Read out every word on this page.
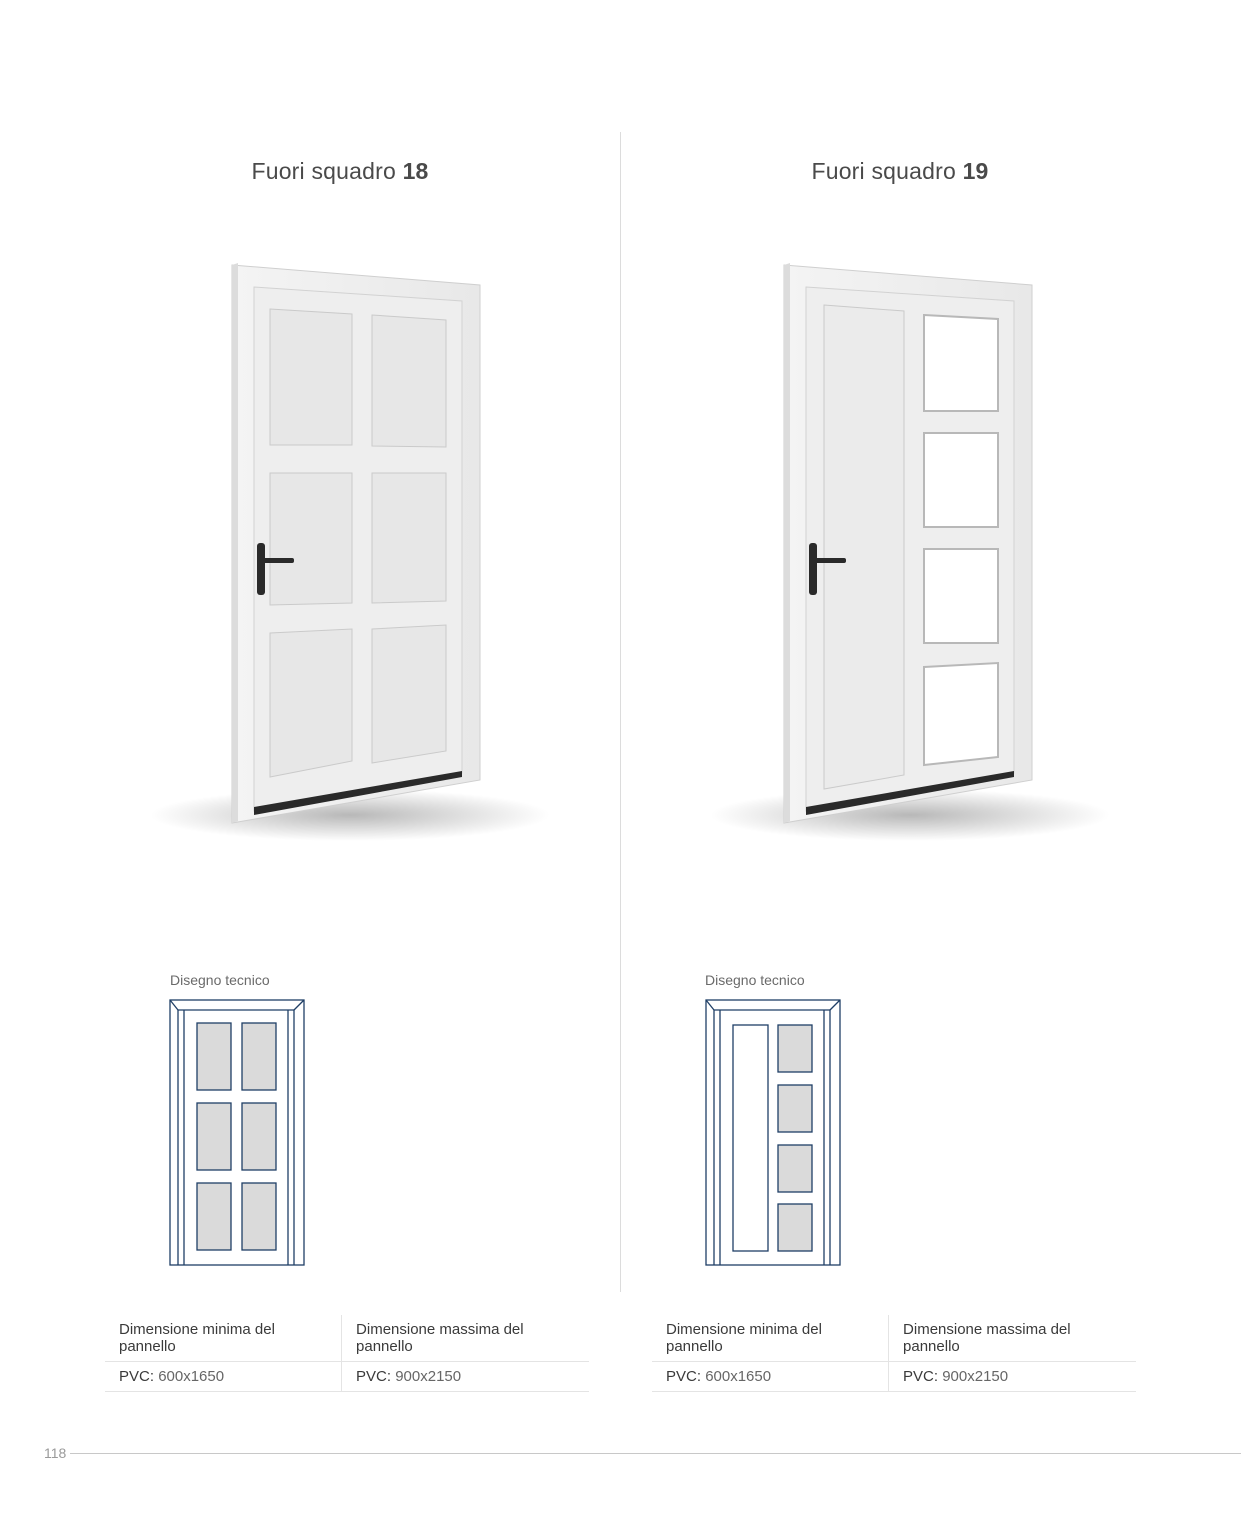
Fuori squadro 18
Disegno tecnico
Dimensione minima del pannello	Dimensione massima del pannello
PVC: 600x1650	PVC: 900x2150
Fuori squadro 19
Disegno tecnico
Dimensione minima del pannello	Dimensione massima del pannello
PVC: 600x1650	PVC: 900x2150
118
